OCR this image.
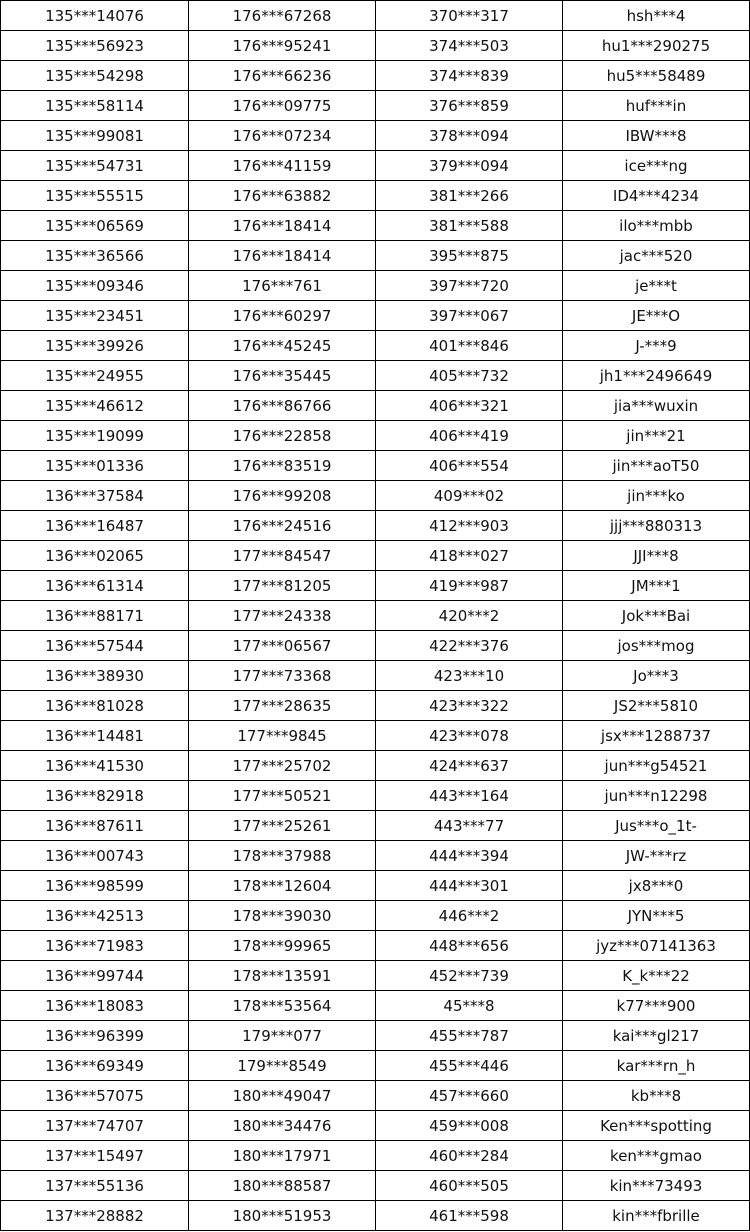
135***14076	176***67268	370***317	hsh***4
135***56923	176***95241	374***503	hu1***290275
135***54298	176***66236	374***839	hu5***58489
135***58114	176***09775	376***859	huf***in
135***99081	176***07234	378***094	IBW***8
135***54731	176***41159	379***094	ice***ng
135***55515	176***63882	381***266	ID4***4234
135***06569	176***18414	381***588	ilo***mbb
135***36566	176***18414	395***875	jac***520
135***09346	176***761	397***720	je***t
135***23451	176***60297	397***067	JE***O
135***39926	176***45245	401***846	J-***9
135***24955	176***35445	405***732	jh1***2496649
135***46612	176***86766	406***321	jia***wuxin
135***19099	176***22858	406***419	jin***21
135***01336	176***83519	406***554	jin***aoT50
136***37584	176***99208	409***02	jin***ko
136***16487	176***24516	412***903	jjj***880313
136***02065	177***84547	418***027	JJI***8
136***61314	177***81205	419***987	JM***1
136***88171	177***24338	420***2	Jok***Bai
136***57544	177***06567	422***376	jos***mog
136***38930	177***73368	423***10	Jo***3
136***81028	177***28635	423***322	JS2***5810
136***14481	177***9845	423***078	jsx***1288737
136***41530	177***25702	424***637	jun***g54521
136***82918	177***50521	443***164	jun***n12298
136***87611	177***25261	443***77	Jus***o_1t-
136***00743	178***37988	444***394	JW-***rz
136***98599	178***12604	444***301	jx8***0
136***42513	178***39030	446***2	JYN***5
136***71983	178***99965	448***656	jyz***07141363
136***99744	178***13591	452***739	K_k***22
136***18083	178***53564	45***8	k77***900
136***96399	179***077	455***787	kai***gl217
136***69349	179***8549	455***446	kar***rn_h
136***57075	180***49047	457***660	kb***8
137***74707	180***34476	459***008	Ken***spotting
137***15497	180***17971	460***284	ken***gmao
137***55136	180***88587	460***505	kin***73493
137***28882	180***51953	461***598	kin***fbrille
